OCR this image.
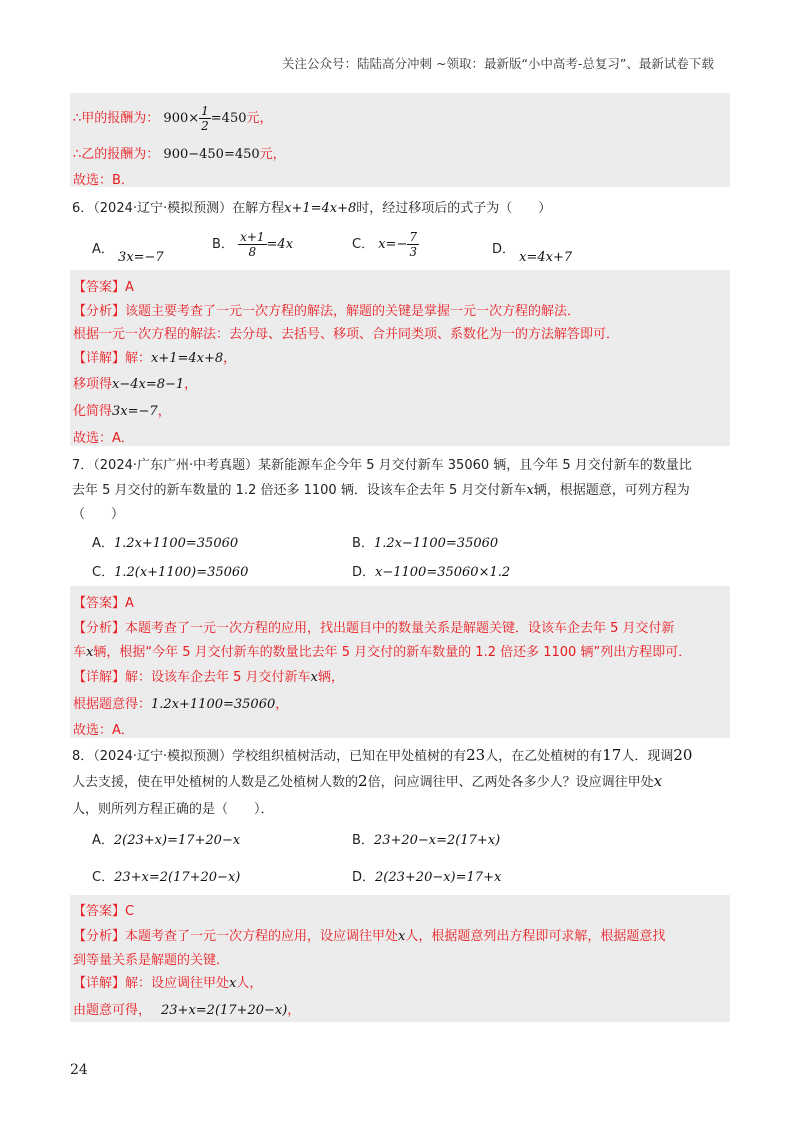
关注公众号：陆陆高分冲刺 ~领取：最新版“小中高考-总复习”、最新试卷下载
∴甲的报酬为： $900\times \frac{1}{2} =450$元，
∴乙的报酬为： 900−450=450元，
故选：B．
6．（2024·辽宁·模拟预测）在解方程x+1=4x+8时，经过移项后的式子为（　　）
A． 3x=−7
B． $\frac{x+1}{8} =4x$	C． $x=- \frac{7}{3}$	D． x=4x+7
【答案】A
【分析】该题主要考查了一元一次方程的解法，解题的关键是掌握一元一次方程的解法．
根据一元一次方程的解法：去分母、去括号、移项、合并同类项、系数化为一的方法解答即可．
【详解】解：x+1=4x+8，
移项得x−4x=8−1，
化简得3x=−7，
故选：A．
7．（2024·广东广州·中考真题）某新能源车企今年 5 月交付新车 35060 辆，且今年 5 月交付新车的数量比
去年 5 月交付的新车数量的 1.2 倍还多 1100 辆．设该车企去年 5 月交付新车x辆，根据题意，可列方程为
（　　）
A．1.2x+1100=35060	B．1.2x−1100=35060
C．1.2(x+1100)=35060	D．x−1100=35060×1.2
【答案】A
【分析】本题考查了一元一次方程的应用，找出题目中的数量关系是解题关键．设该车企去年 5 月交付新
车x辆，根据“今年 5 月交付新车的数量比去年 5 月交付的新车数量的 1.2 倍还多 1100 辆”列出方程即可．
【详解】解：设该车企去年 5 月交付新车x辆，
根据题意得：1.2x+1100=35060，
故选：A．
8．（2024·辽宁·模拟预测）学校组织植树活动，已知在甲处植树的有23人，在乙处植树的有17人．现调20
人去支援，使在甲处植树的人数是乙处植树人数的2倍，问应调往甲、乙两处各多少人？设应调往甲处x
人，则所列方程正确的是（　　）．
A．2(23+x)=17+20−x	B．23+20−x=2(17+x)
C．23+x=2(17+20−x)	D．2(23+20−x)=17+x
【答案】C
【分析】本题考查了一元一次方程的应用，设应调往甲处x人，根据题意列出方程即可求解，根据题意找
到等量关系是解题的关键．
【详解】解：设应调往甲处x人，
由题意可得， 23+x=2(17+20−x)，
24
